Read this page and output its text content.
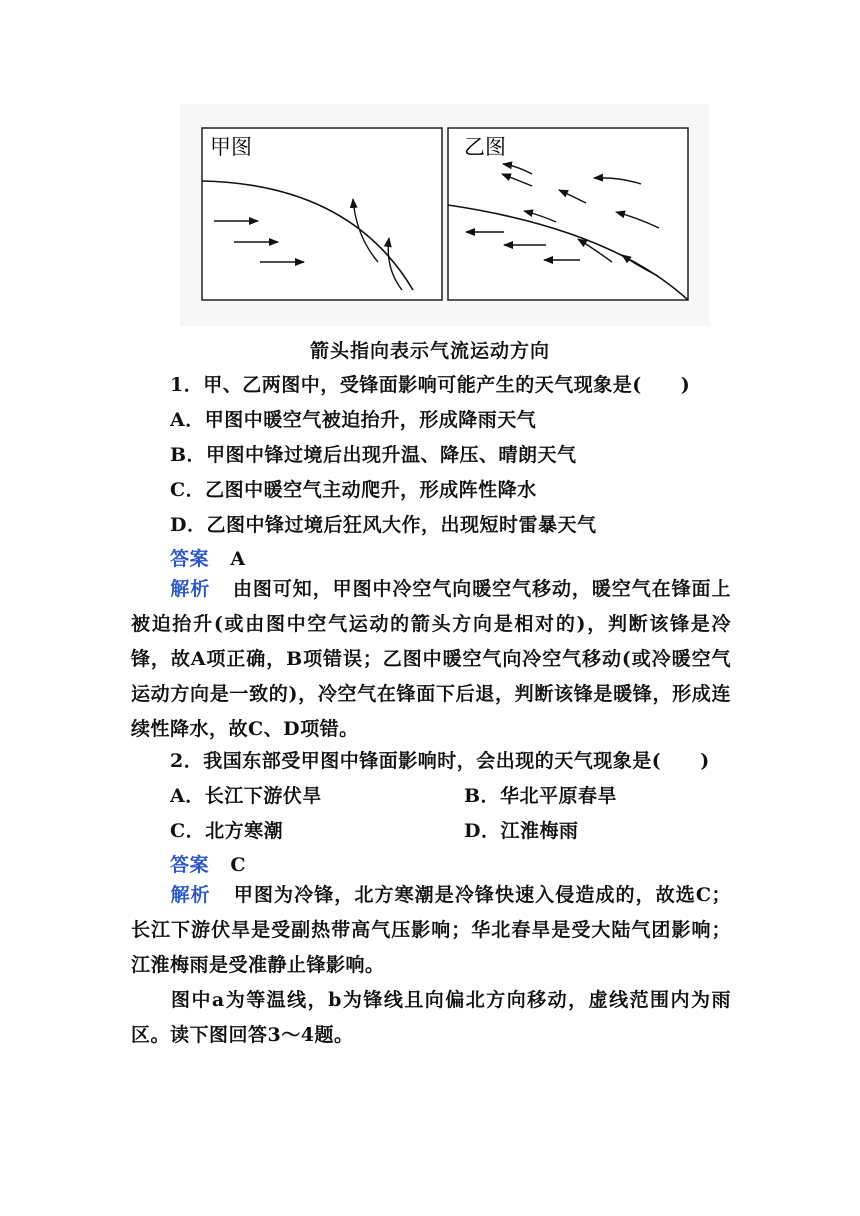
甲图	乙图
箭头指向表示气流运动方向
1．甲、乙两图中，受锋面影响可能产生的天气现象是(　　)
A．甲图中暖空气被迫抬升，形成降雨天气
B．甲图中锋过境后出现升温、降压、晴朗天气
C．乙图中暖空气主动爬升，形成阵性降水
D．乙图中锋过境后狂风大作，出现短时雷暴天气
答案 A
解析 由图可知，甲图中冷空气向暖空气移动，暖空气在锋面上被迫抬升(或由图中空气运动的箭头方向是相对的)，判断该锋是冷锋，故A项正确，B项错误；乙图中暖空气向冷空气移动(或冷暖空气运动方向是一致的)，冷空气在锋面下后退，判断该锋是暖锋，形成连续性降水，故C、D项错。
2．我国东部受甲图中锋面影响时，会出现的天气现象是(　　)
A．长江下游伏旱	B．华北平原春旱
C．北方寒潮	D．江淮梅雨
答案 C
解析 甲图为冷锋，北方寒潮是冷锋快速入侵造成的，故选C；长江下游伏旱是受副热带高气压影响；华北春旱是受大陆气团影响；江淮梅雨是受准静止锋影响。
图中a为等温线，b为锋线且向偏北方向移动，虚线范围内为雨区。读下图回答3～4题。
